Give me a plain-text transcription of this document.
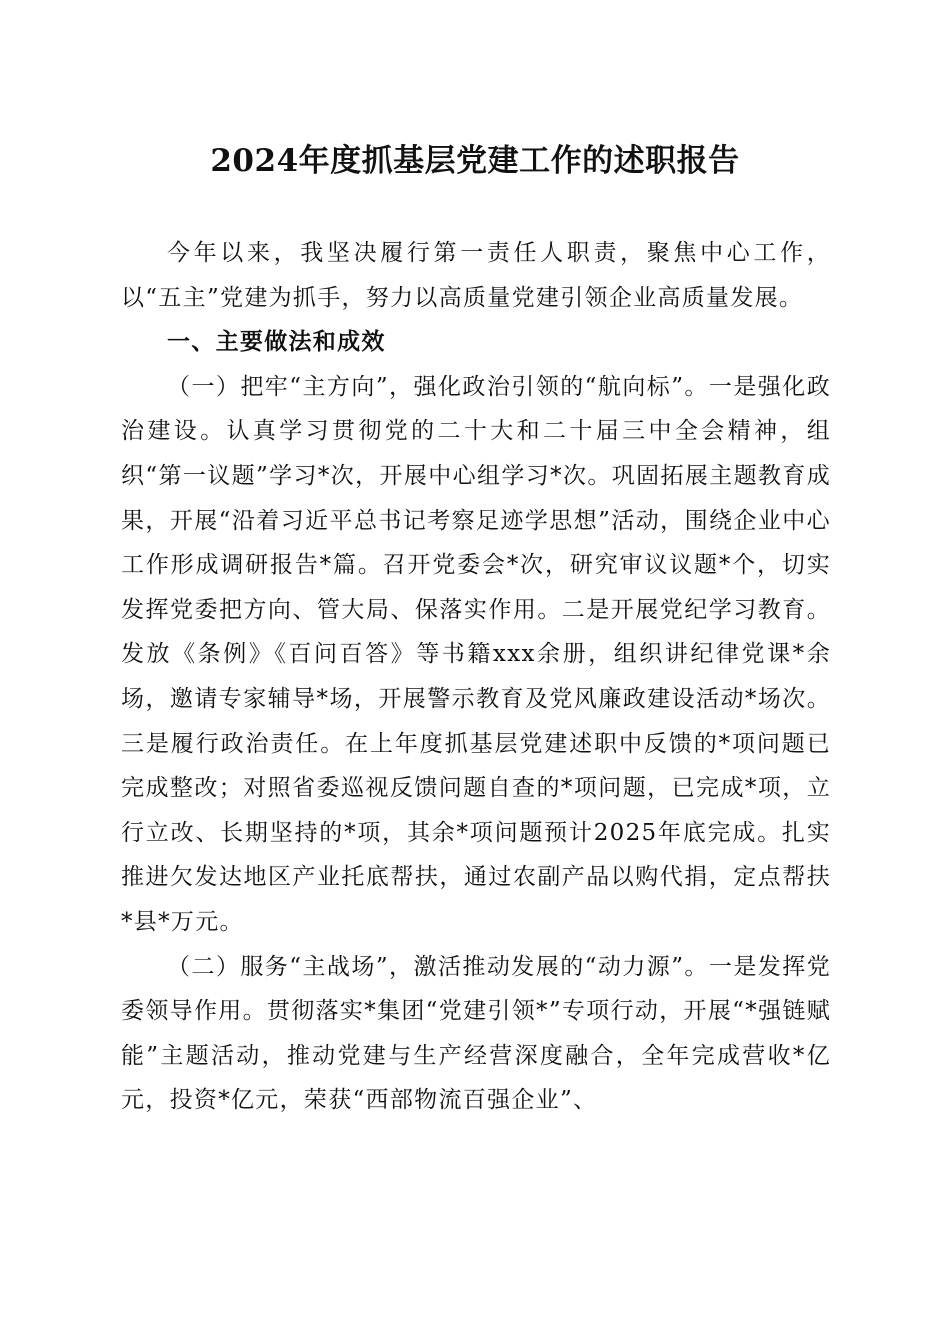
2024年度抓基层党建工作的述职报告

今年以来，我坚决履行第一责任人职责，聚焦中心工作，以“五主”党建为抓手，努力以高质量党建引领企业高质量发展。

一、主要做法和成效

（一）把牢“主方向”，强化政治引领的“航向标”。一是强化政治建设。认真学习贯彻党的二十大和二十届三中全会精神，组织“第一议题”学习*次，开展中心组学习*次。巩固拓展主题教育成果，开展“沿着习近平总书记考察足迹学思想”活动，围绕企业中心工作形成调研报告*篇。召开党委会*次，研究审议议题*个，切实发挥党委把方向、管大局、保落实作用。二是开展党纪学习教育。发放《条例》《百问百答》等书籍xxx余册，组织讲纪律党课*余场，邀请专家辅导*场，开展警示教育及党风廉政建设活动*场次。三是履行政治责任。在上年度抓基层党建述职中反馈的*项问题已完成整改；对照省委巡视反馈问题自查的*项问题，已完成*项，立行立改、长期坚持的*项，其余*项问题预计2025年底完成。扎实推进欠发达地区产业托底帮扶，通过农副产品以购代捐，定点帮扶*县*万元。

（二）服务“主战场”，激活推动发展的“动力源”。一是发挥党委领导作用。贯彻落实*集团“党建引领*”专项行动，开展“*强链赋能”主题活动，推动党建与生产经营深度融合，全年完成营收*亿元，投资*亿元，荣获“西部物流百强企业”、
